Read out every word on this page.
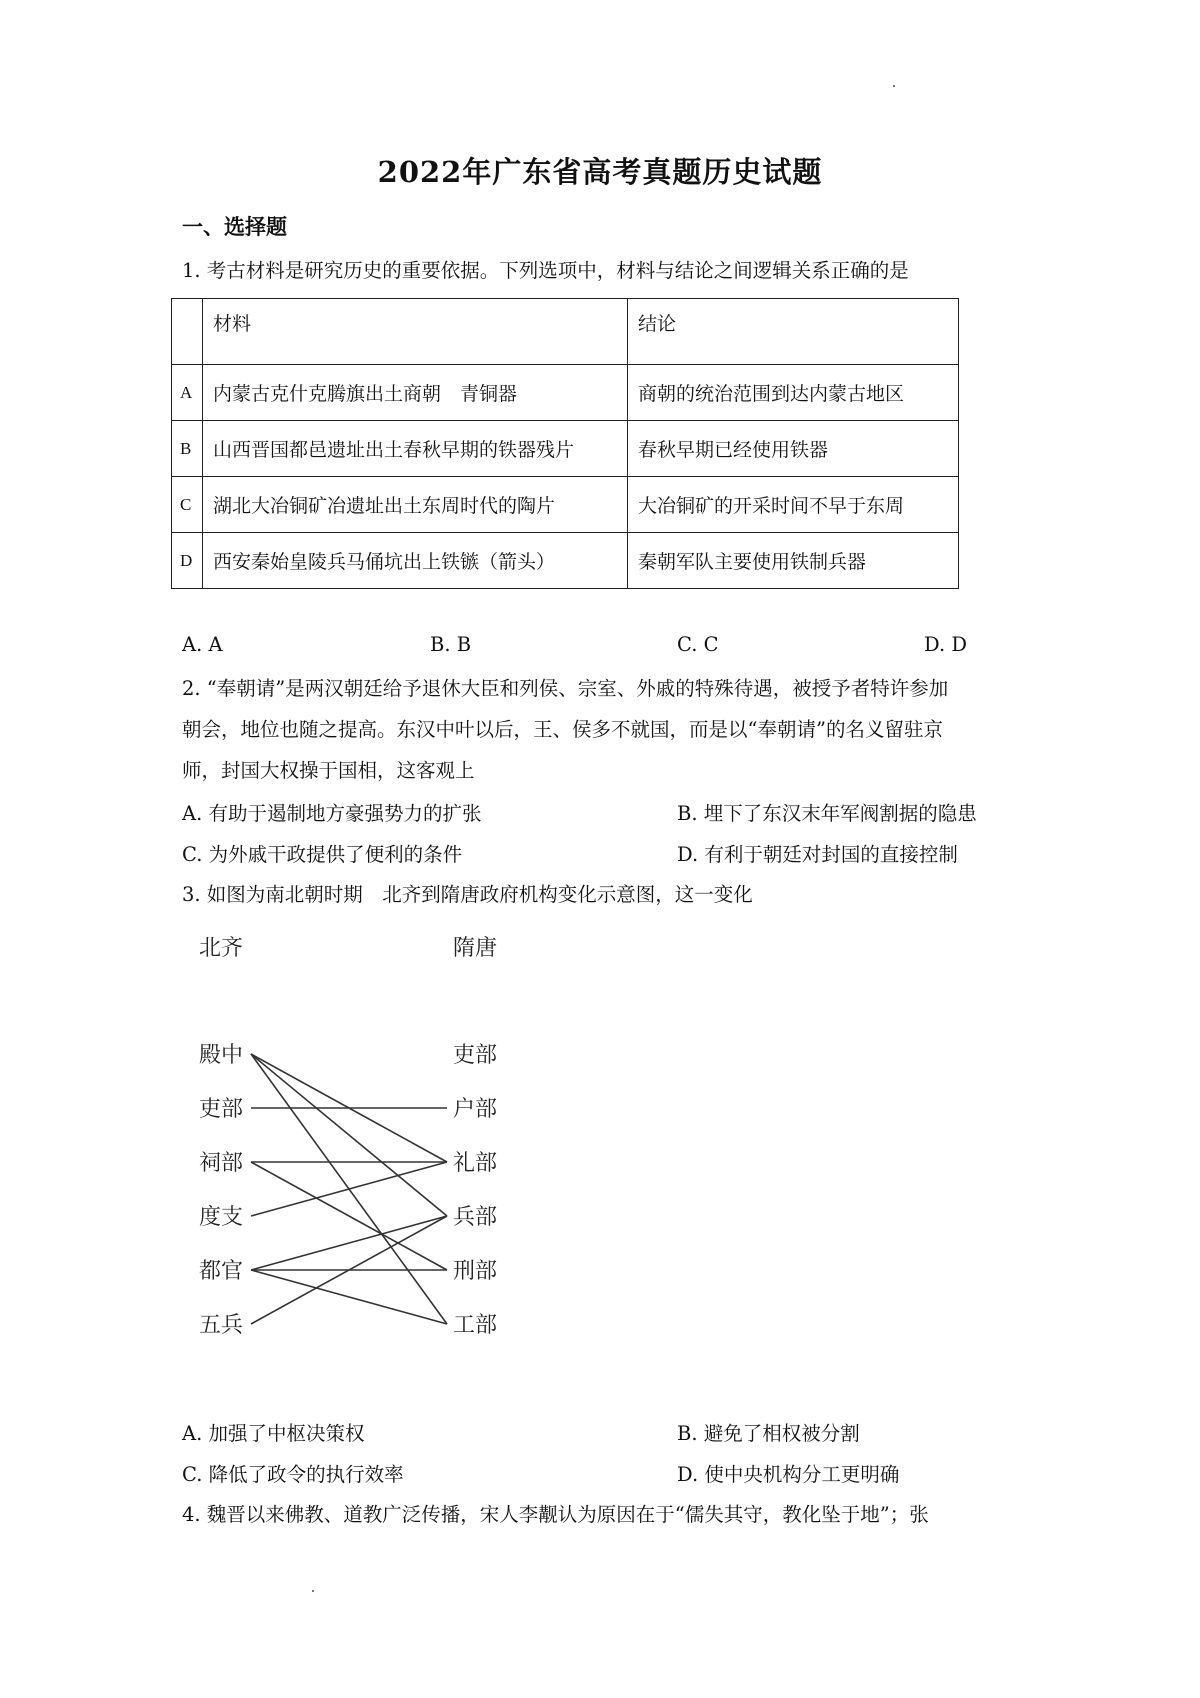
2022年广东省高考真题历史试题
一、选择题
1. 考古材料是研究历史的重要依据。下列选项中，材料与结论之间逻辑关系正确的是
	材料	结论
A	内蒙古克什克腾旗出土商朝　青铜器	商朝的统治范围到达内蒙古地区
B	山西晋国都邑遗址出土春秋早期的铁器残片	春秋早期已经使用铁器
C	湖北大冶铜矿冶遗址出土东周时代的陶片	大冶铜矿的开采时间不早于东周
D	西安秦始皇陵兵马俑坑出上铁镞（箭头）	秦朝军队主要使用铁制兵器
A. A	B. B	C. C	D. D
2. “奉朝请”是两汉朝廷给予退休大臣和列侯、宗室、外戚的特殊待遇，被授予者特许参加
朝会，地位也随之提高。东汉中叶以后，王、侯多不就国，而是以“奉朝请”的名义留驻京
师，封国大权操于国相，这客观上
A. 有助于遏制地方豪强势力的扩张	B. 埋下了东汉末年军阀割据的隐患
C. 为外戚干政提供了便利的条件	D. 有利于朝廷对封国的直接控制
3. 如图为南北朝时期　北齐到隋唐政府机构变化示意图，这一变化
北齐	隋唐
殿中
吏部
祠部
度支
都官
五兵
吏部
户部
礼部
兵部
刑部
工部
A. 加强了中枢决策权	B. 避免了相权被分割
C. 降低了政令的执行效率	D. 使中央机构分工更明确
4. 魏晋以来佛教、道教广泛传播，宋人李觏认为原因在于“儒失其守，教化坠于地”；张
